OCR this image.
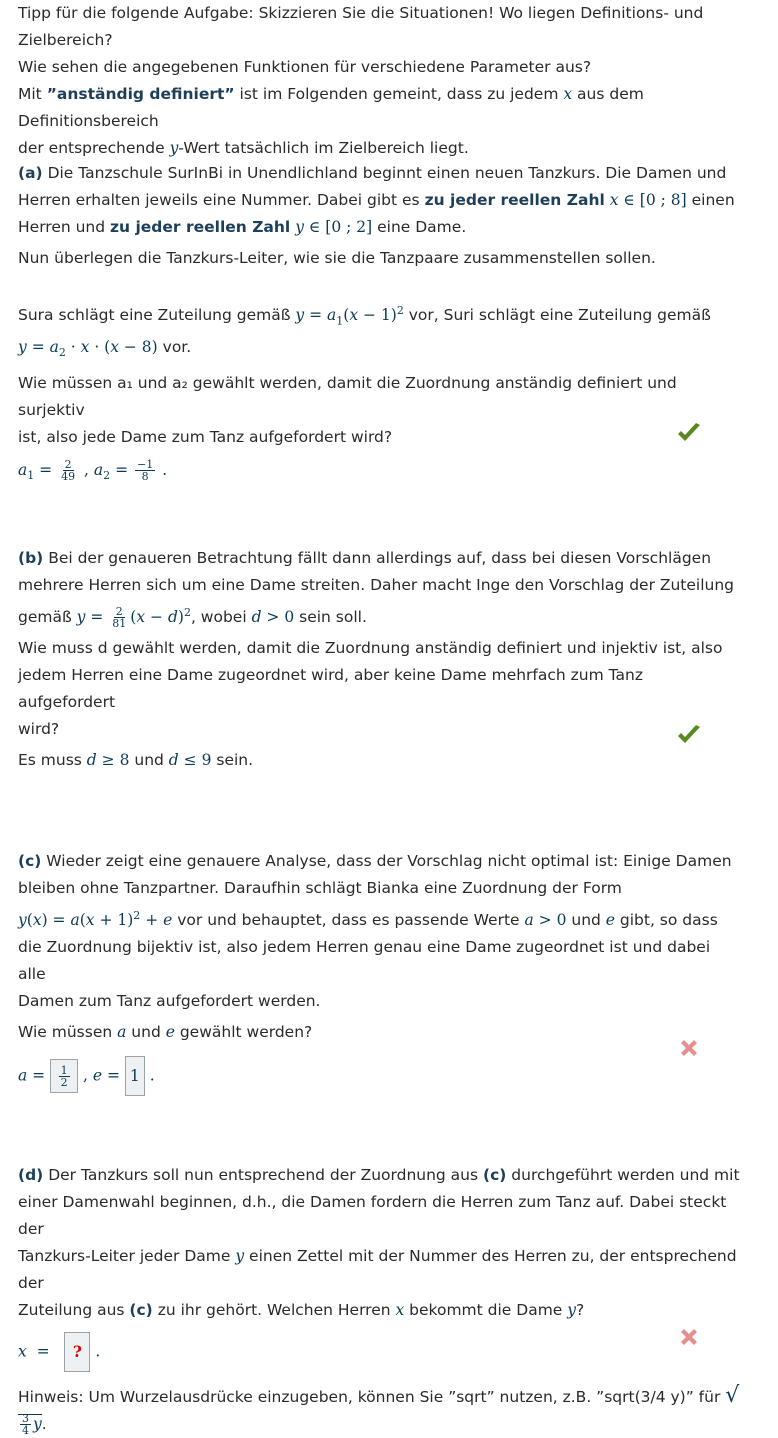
Tipp für die folgende Aufgabe: Skizzieren Sie die Situationen! Wo liegen Definitions- und Zielbereich?

Wie sehen die angegebenen Funktionen für verschiedene Parameter aus?

Mit ”anständig definiert” ist im Folgenden gemeint, dass zu jedem x aus dem Definitionsbereich

der entsprechende y-Wert tatsächlich im Zielbereich liegt.

(a) Die Tanzschule SurInBi in Unendlichland beginnt einen neuen Tanzkurs. Die Damen und

Herren erhalten jeweils eine Nummer. Dabei gibt es zu jeder reellen Zahl x ∈ [0 ; 8] einen

Herren und zu jeder reellen Zahl y ∈ [0 ; 2] eine Dame.

Nun überlegen die Tanzkurs-Leiter, wie sie die Tanzpaare zusammenstellen sollen.

Sura schlägt eine Zuteilung gemäß $y = a_1(x - 1)^2$ vor, Suri schlägt eine Zuteilung gemäß

$y = a_2 \cdot x \cdot (x - 8)$ vor.

Wie müssen a₁ und a₂ gewählt werden, damit die Zuordnung anständig definiert und surjektiv

ist, also jede Dame zum Tanz aufgefordert wird?

$a_1 = \frac{2}{49}$ , $a_2 = \frac{-1}{8}$ .

(b) Bei der genaueren Betrachtung fällt dann allerdings auf, dass bei diesen Vorschlägen

mehrere Herren sich um eine Dame streiten. Daher macht Inge den Vorschlag der Zuteilung

gemäß $y = \frac{2}{81} (x - d)^2$, wobei d > 0 sein soll.

Wie muss d gewählt werden, damit die Zuordnung anständig definiert und injektiv ist, also

jedem Herren eine Dame zugeordnet wird, aber keine Dame mehrfach zum Tanz aufgefordert

wird?

Es muss d ≥ 8 und d ≤ 9 sein.

(c) Wieder zeigt eine genauere Analyse, dass der Vorschlag nicht optimal ist: Einige Damen

bleiben ohne Tanzpartner. Daraufhin schlägt Bianka eine Zuordnung der Form

$y(x) = a(x + 1)^2 + e$ vor und behauptet, dass es passende Werte a > 0 und e gibt, so dass

die Zuordnung bijektiv ist, also jedem Herren genau eine Dame zugeordnet ist und dabei alle

Damen zum Tanz aufgefordert werden.

Wie müssen a und e gewählt werden?

$a = \frac{1}{2}$ , e = 1 .

(d) Der Tanzkurs soll nun entsprechend der Zuordnung aus (c) durchgeführt werden und mit

einer Damenwahl beginnen, d.h., die Damen fordern die Herren zum Tanz auf. Dabei steckt der

Tanzkurs-Leiter jeder Dame y einen Zettel mit der Nummer des Herren zu, der entsprechend der

Zuteilung aus (c) zu ihr gehört. Welchen Herren x bekommt die Dame y?

x  =   ? .

Hinweis: Um Wurzelausdrücke einzugeben, können Sie ”sqrt” nutzen, z.B. ”sqrt(3/4 y)” für √
$\frac{3}{4} y$.
